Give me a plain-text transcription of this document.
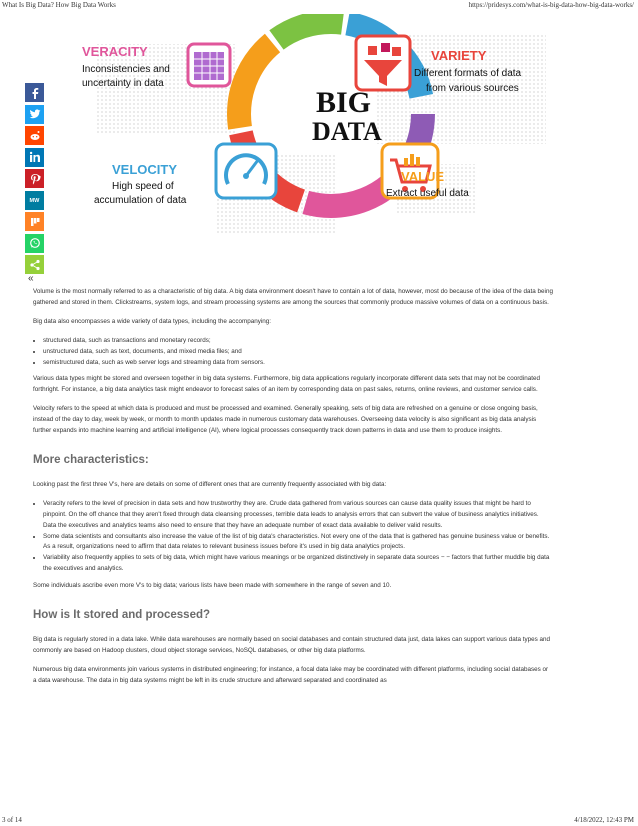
What Is Big Data? How Big Data Works	https://pridesys.com/what-is-big-data-how-big-data-works/
BIG
DATA
VERACITY
Inconsistencies and
uncertainty in data
VARIETY
Different formats of data
from various sources
VELOCITY
High speed of
accumulation of data
VALUE
Extract useful data
MW
«

Volume is the most normally referred to as a characteristic of big data. A big data environment doesn't have to contain a lot of data, however, most do because of the idea of the data being gathered and stored in them. Clickstreams, system logs, and stream processing systems are among the sources that commonly produce massive volumes of data on a continuous basis.

Big data also encompasses a wide variety of data types, including the accompanying:

• structured data, such as transactions and monetary records;
• unstructured data, such as text, documents, and mixed media files; and
• semistructured data, such as web server logs and streaming data from sensors.

Various data types might be stored and overseen together in big data systems. Furthermore, big data applications regularly incorporate different data sets that may not be coordinated forthright. For instance, a big data analytics task might endeavor to forecast sales of an item by corresponding data on past sales, returns, online reviews, and customer service calls.

Velocity refers to the speed at which data is produced and must be processed and examined. Generally speaking, sets of big data are refreshed on a genuine or close ongoing basis, instead of the day to day, week by week, or month to month updates made in numerous customary data warehouses. Overseeing data velocity is also significant as big data analysis further expands into machine learning and artificial intelligence (AI), where logical processes consequently track down patterns in data and use them to produce insights.

More characteristics:

Looking past the first three V's, here are details on some of different ones that are currently frequently associated with big data:

• Veracity refers to the level of precision in data sets and how trustworthy they are. Crude data gathered from various sources can cause data quality issues that might be hard to pinpoint. On the off chance that they aren't fixed through data cleansing processes, terrible data leads to analysis errors that can subvert the value of business analytics initiatives. Data the executives and analytics teams also need to ensure that they have an adequate number of exact data available to deliver valid results.
• Some data scientists and consultants also increase the value of the list of big data's characteristics. Not every one of the data that is gathered has genuine business value or benefits. As a result, organizations need to affirm that data relates to relevant business issues before it's used in big data analytics projects.
• Variability also frequently applies to sets of big data, which might have various meanings or be organized distinctively in separate data sources − − factors that further muddle big data the executives and analytics.

Some individuals ascribe even more V's to big data; various lists have been made with somewhere in the range of seven and 10.

How is It stored and processed?

Big data is regularly stored in a data lake. While data warehouses are normally based on social databases and contain structured data just, data lakes can support various data types and commonly are based on Hadoop clusters, cloud object storage services, NoSQL databases, or other big data platforms.

Numerous big data environments join various systems in distributed engineering; for instance, a focal data lake may be coordinated with different platforms, including social databases or a data warehouse. The data in big data systems might be left in its crude structure and afterward separated and coordinated as

3 of 14	4/18/2022, 12:43 PM
